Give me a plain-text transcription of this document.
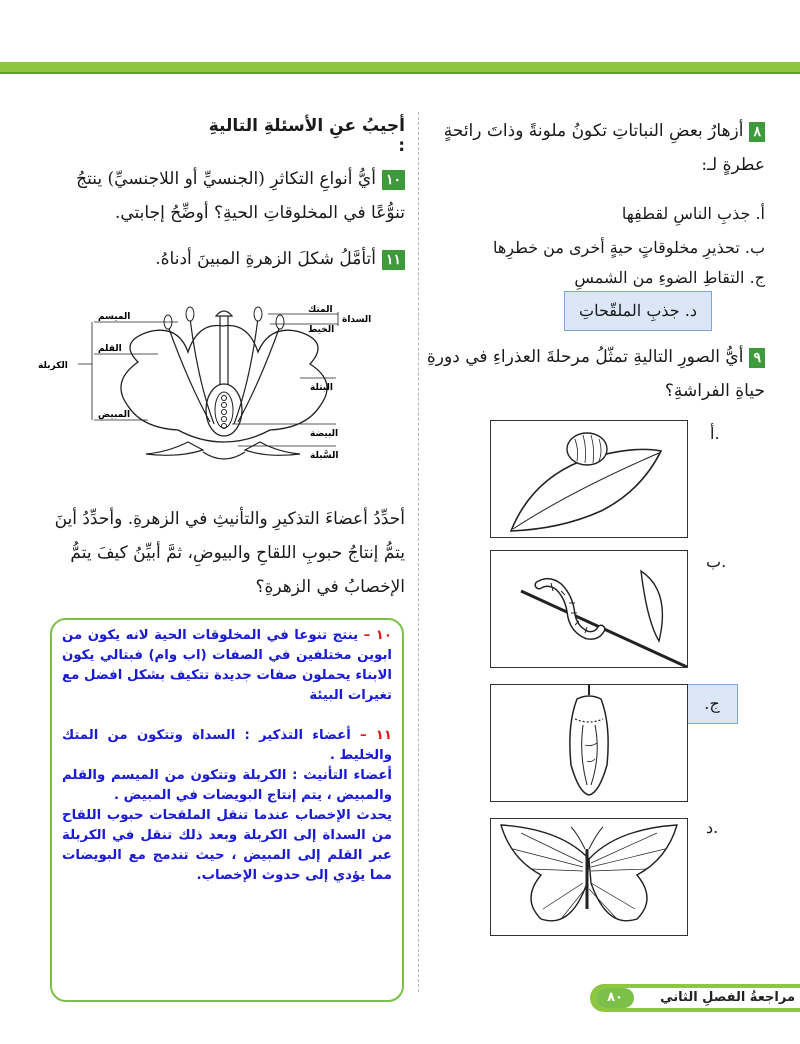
أجيبُ عنِ الأسئلةِ التاليةِ :
١٠أيُّ أنواعِ التكاثرِ (الجنسيِّ أو اللاجنسيِّ) ينتجُ تنوُّعًا في المخلوقاتِ الحيةِ؟ أوضِّحُ إجابتي.
١١أتأمَّلُ شكلَ الزهرةِ المبينَ أدناهُ.
الميسم
القلم
الكربلة
المبيض
المتك
الخيط
السداة
البتلة
البيضة
السَّبلة
أحدِّدُ أعضاءَ التذكيرِ والتأنيثِ في الزهرةِ. وأحدِّدُ أينَ يتمُّ إنتاجُ حبوبِ اللقاحِ والبيوضِ، ثمَّ أبيِّنُ كيفَ يتمُّ الإخصابُ في الزهرةِ؟

١٠ – ينتج تنوعا في المخلوقات الحية لانه يكون من ابوين مختلفين في الصفات (اب وام) فبتالي يكون الابناء يحملون صفات جديدة تتكيف بشكل افضل مع تغيرات البيئة

١١ – أعضاء التذكير : السداة وتتكون من المتك والخليط .

أعضاء التأنيث : الكربلة وتتكون من الميسم والقلم والمبيض ، يتم إنتاج البويضات في المبيض .

يحدث الإخصاب عندما تنقل الملقحات حبوب اللقاح من السداة إلى الكربلة وبعد ذلك تنقل في الكربلة عبر القلم إلى المبيض ، حيث تندمج مع البويضات مما يؤدي إلى حدوث الإخصاب.

٨أزهارُ بعضِ النباتاتِ تكونُ ملونةً وذاتَ رائحةٍ عطرةٍ لـ:
أ. جذبِ الناسِ لقطفِها
ب. تحذيرِ مخلوقاتٍ حيةٍ أخرى من خطرِها
ج. التقاطِ الضوءِ من الشمسِ
د. جذبِ الملقّحاتِ
٩أيُّ الصورِ التاليةِ تمثّلُ مرحلةَ العذراءِ في دورةِ حياةِ الفراشةِ؟
أ.
ب.
ج.
د.
مراجعةُ الفصلِ الثاني
٨٠
